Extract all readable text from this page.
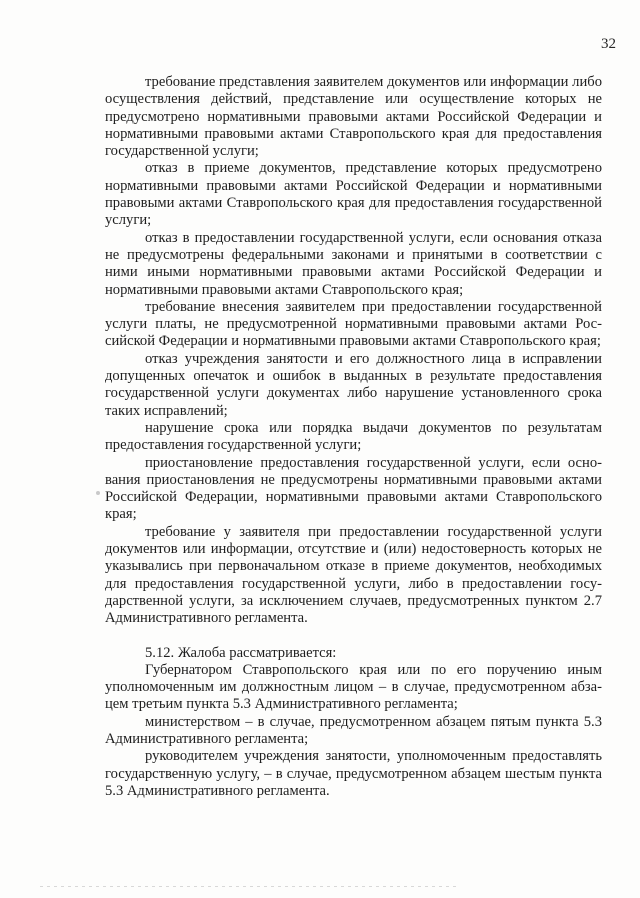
32

требование представления заявителем документов или информации либо осуществления действий, представление или осуществление которых не предусмотрено нормативными правовыми актами Российской Федерации и нормативными правовыми актами Ставропольского края для предоставления государственной услуги;

отказ в приеме документов, представление которых предусмотрено нормативными правовыми актами Российской Федерации и нормативными правовыми актами Ставропольского края для предоставления государственной услуги;

отказ в предоставлении государственной услуги, если основания отказа не предусмотрены федеральными законами и принятыми в соответствии с ними иными нормативными правовыми актами Российской Федерации и нормативными правовыми актами Ставропольского края;

требование внесения заявителем при предоставлении государственной услуги платы, не предусмотренной нормативными правовыми актами Российской Федерации и нормативными правовыми актами Ставропольского края;

отказ учреждения занятости и его должностного лица в исправлении допущенных опечаток и ошибок в выданных в результате предоставления государственной услуги документах либо нарушение установленного срока таких исправлений;

нарушение срока или порядка выдачи документов по результатам предоставления государственной услуги;

приостановление предоставления государственной услуги, если основания приостановления не предусмотрены нормативными правовыми актами Российской Федерации, нормативными правовыми актами Ставропольского края;

требование у заявителя при предоставлении государственной услуги документов или информации, отсутствие и (или) недостоверность которых не указывались при первоначальном отказе в приеме документов, необходимых для предоставления государственной услуги, либо в предоставлении государственной услуги, за исключением случаев, предусмотренных пунктом 2.7 Административного регламента.

5.12. Жалоба рассматривается:

Губернатором Ставропольского края или по его поручению иным уполномоченным им должностным лицом – в случае, предусмотренном абзацем третьим пункта 5.3 Административного регламента;

министерством – в случае, предусмотренном абзацем пятым пункта 5.3 Административного регламента;

руководителем учреждения занятости, уполномоченным предоставлять государственную услугу, – в случае, предусмотренном абзацем шестым пункта 5.3 Административного регламента.
